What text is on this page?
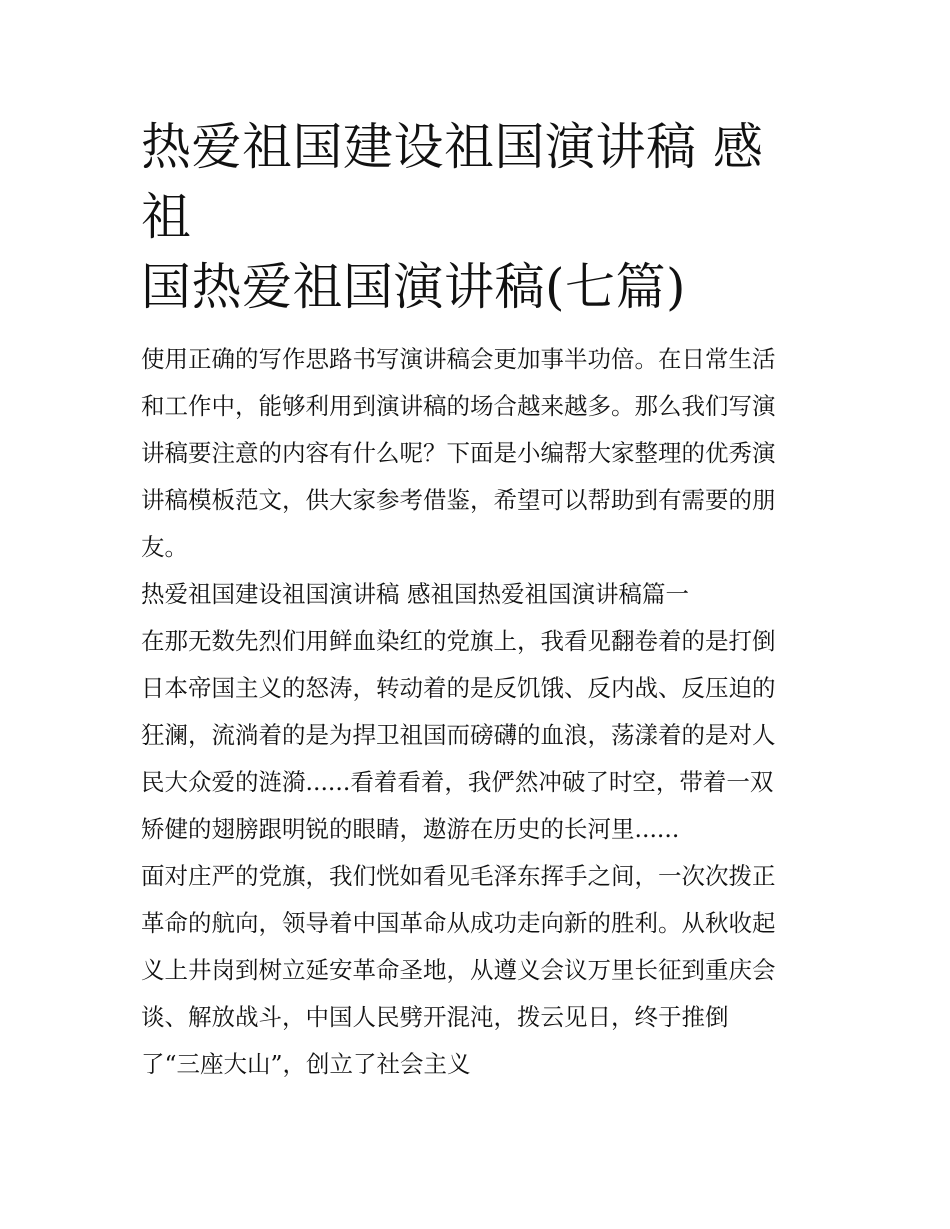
热爱祖国建设祖国演讲稿 感祖
国热爱祖国演讲稿(七篇)

使用正确的写作思路书写演讲稿会更加事半功倍。在日常生活
和工作中，能够利用到演讲稿的场合越来越多。那么我们写演
讲稿要注意的内容有什么呢？下面是小编帮大家整理的优秀演
讲稿模板范文，供大家参考借鉴，希望可以帮助到有需要的朋
友。

热爱祖国建设祖国演讲稿 感祖国热爱祖国演讲稿篇一

在那无数先烈们用鲜血染红的党旗上，我看见翻卷着的是打倒
日本帝国主义的怒涛，转动着的是反饥饿、反内战、反压迫的
狂澜，流淌着的是为捍卫祖国而磅礴的血浪，荡漾着的是对人
民大众爱的涟漪......看着看着，我俨然冲破了时空，带着一双
矫健的翅膀跟明锐的眼睛，遨游在历史的长河里......

面对庄严的党旗，我们恍如看见毛泽东挥手之间，一次次拨正
革命的航向，领导着中国革命从成功走向新的胜利。从秋收起
义上井岗到树立延安革命圣地，从遵义会议万里长征到重庆会
谈、解放战斗，中国人民劈开混沌，拨云见日，终于推倒
了“三座大山”，创立了社会主义
